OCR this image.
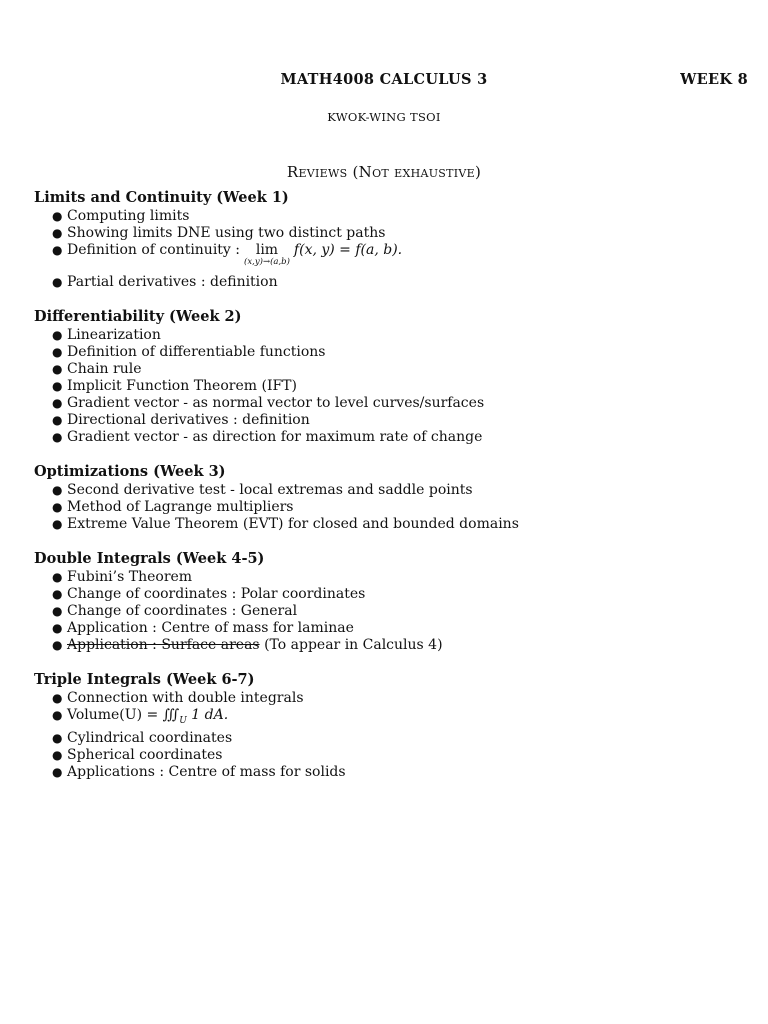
MATH4008 CALCULUS 3	WEEK 8
KWOK-WING TSOI
Reviews (Not exhaustive)

Limits and Continuity (Week 1)

● Computing limits
● Showing limits DNE using two distinct paths
● Definition of continuity :	lim
(x,y)→(a,b)
f(x, y) = f(a, b).
● Partial derivatives : definition

Differentiability (Week 2)

● Linearization
● Definition of differentiable functions
● Chain rule
● Implicit Function Theorem (IFT)
● Gradient vector - as normal vector to level curves/surfaces
● Directional derivatives : definition
● Gradient vector - as direction for maximum rate of change

Optimizations (Week 3)

● Second derivative test - local extremas and saddle points
● Method of Lagrange multipliers
● Extreme Value Theorem (EVT) for closed and bounded domains

Double Integrals (Week 4-5)

● Fubini’s Theorem
● Change of coordinates : Polar coordinates
● Change of coordinates : General
● Application : Centre of mass for laminae
● Application : Surface areas (To appear in Calculus 4)

Triple Integrals (Week 6-7)

● Connection with double integrals
● Volume(U) = $∭_U$ 1 dA.
● Cylindrical coordinates
● Spherical coordinates
● Applications : Centre of mass for solids
